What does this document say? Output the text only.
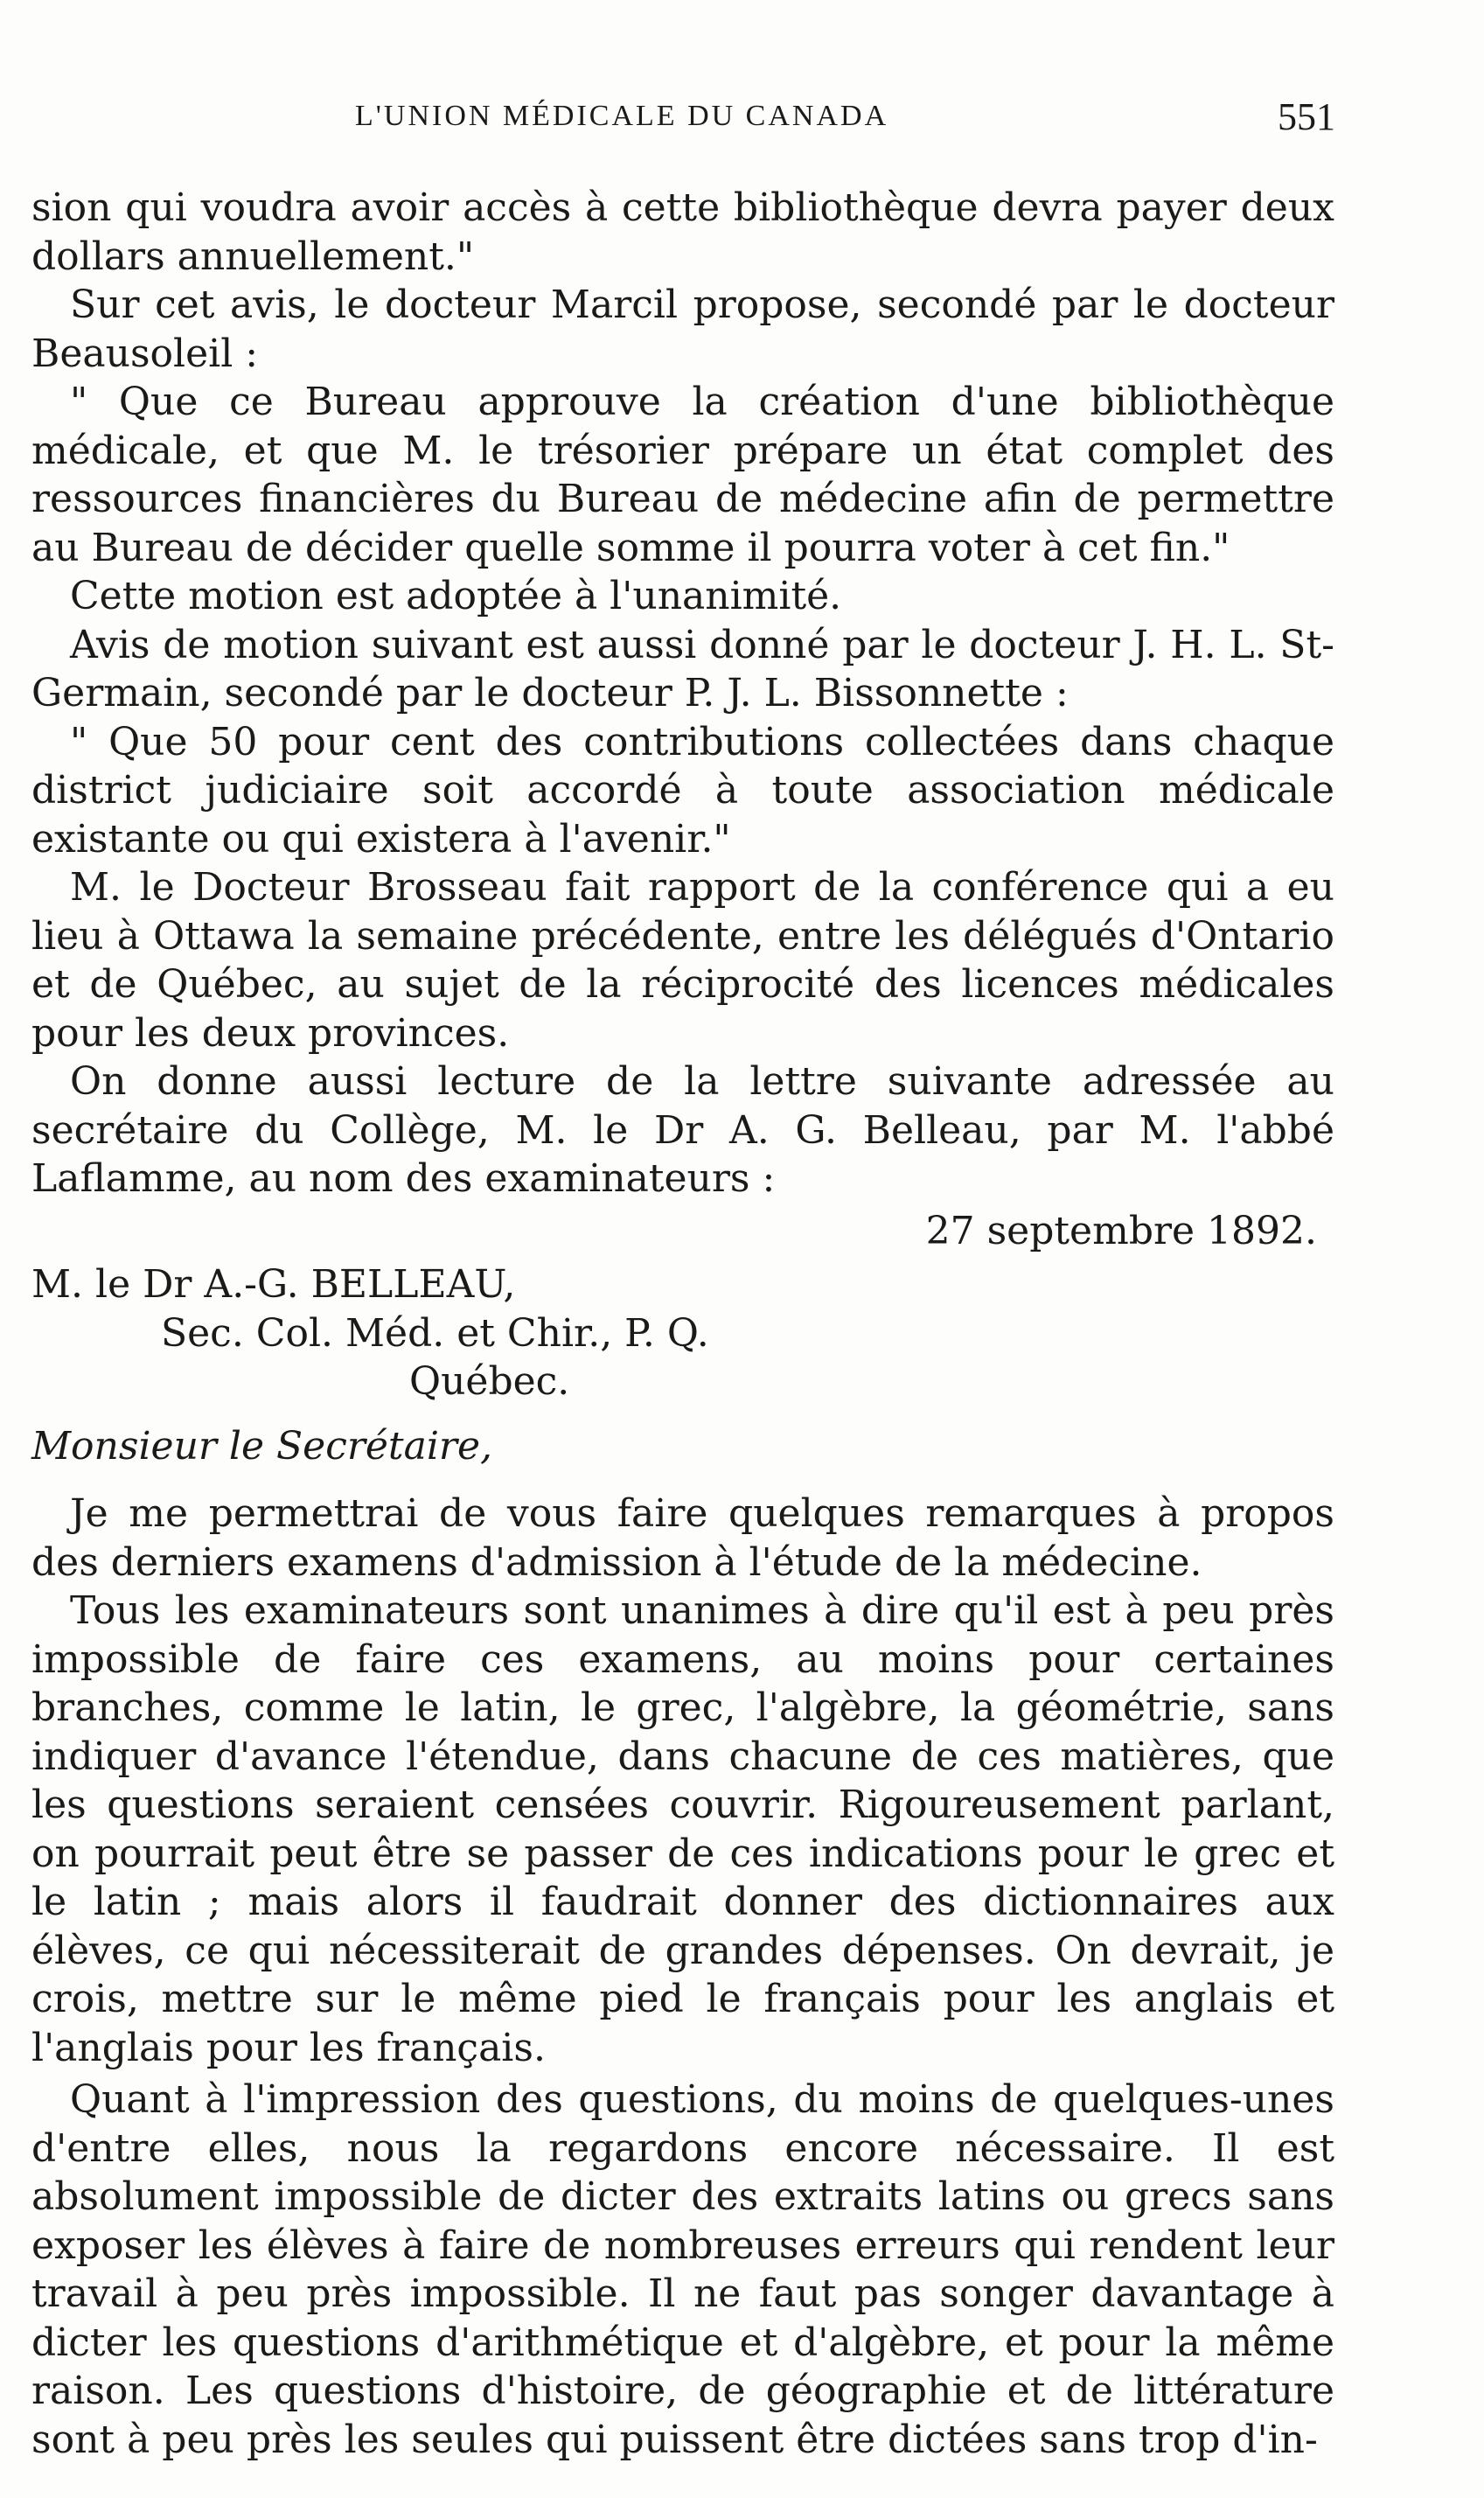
L'UNION MÉDICALE DU CANADA	551

sion qui voudra avoir accès à cette bibliothèque devra payer deux dollars annuellement."

Sur cet avis, le docteur Marcil propose, secondé par le docteur Beausoleil :

" Que ce Bureau approuve la création d'une bibliothèque médicale, et que M. le trésorier prépare un état complet des ressources financières du Bureau de médecine afin de permettre au Bureau de décider quelle somme il pourra voter à cet fin."

Cette motion est adoptée à l'unanimité.

Avis de motion suivant est aussi donné par le docteur J. H. L. St-Germain, secondé par le docteur P. J. L. Bissonnette :

" Que 50 pour cent des contributions collectées dans chaque district judiciaire soit accordé à toute association médicale existante ou qui existera à l'avenir."

M. le Docteur Brosseau fait rapport de la conférence qui a eu lieu à Ottawa la semaine précédente, entre les délégués d'Ontario et de Québec, au sujet de la réciprocité des licences médicales pour les deux provinces.

On donne aussi lecture de la lettre suivante adressée au secrétaire du Collège, M. le Dr A. G. Belleau, par M. l'abbé Laflamme, au nom des examinateurs :

27 septembre 1892.

M. le Dr A.-G. BELLEAU,

Sec. Col. Méd. et Chir., P. Q.

Québec.

Monsieur le Secrétaire,

Je me permettrai de vous faire quelques remarques à propos des derniers examens d'admission à l'étude de la médecine.

Tous les examinateurs sont unanimes à dire qu'il est à peu près impossible de faire ces examens, au moins pour certaines branches, comme le latin, le grec, l'algèbre, la géométrie, sans indiquer d'avance l'étendue, dans chacune de ces matières, que les questions seraient censées couvrir. Rigoureusement parlant, on pourrait peut être se passer de ces indications pour le grec et le latin ; mais alors il faudrait donner des dictionnaires aux élèves, ce qui nécessiterait de grandes dépenses. On devrait, je crois, mettre sur le même pied le français pour les anglais et l'anglais pour les français.

Quant à l'impression des questions, du moins de quelques-unes d'entre elles, nous la regardons encore nécessaire. Il est absolument impossible de dicter des extraits latins ou grecs sans exposer les élèves à faire de nombreuses erreurs qui rendent leur travail à peu près impossible. Il ne faut pas songer davantage à dicter les questions d'arithmétique et d'algèbre, et pour la même raison. Les questions d'histoire, de géographie et de littérature sont à peu près les seules qui puissent être dictées sans trop d'in-
